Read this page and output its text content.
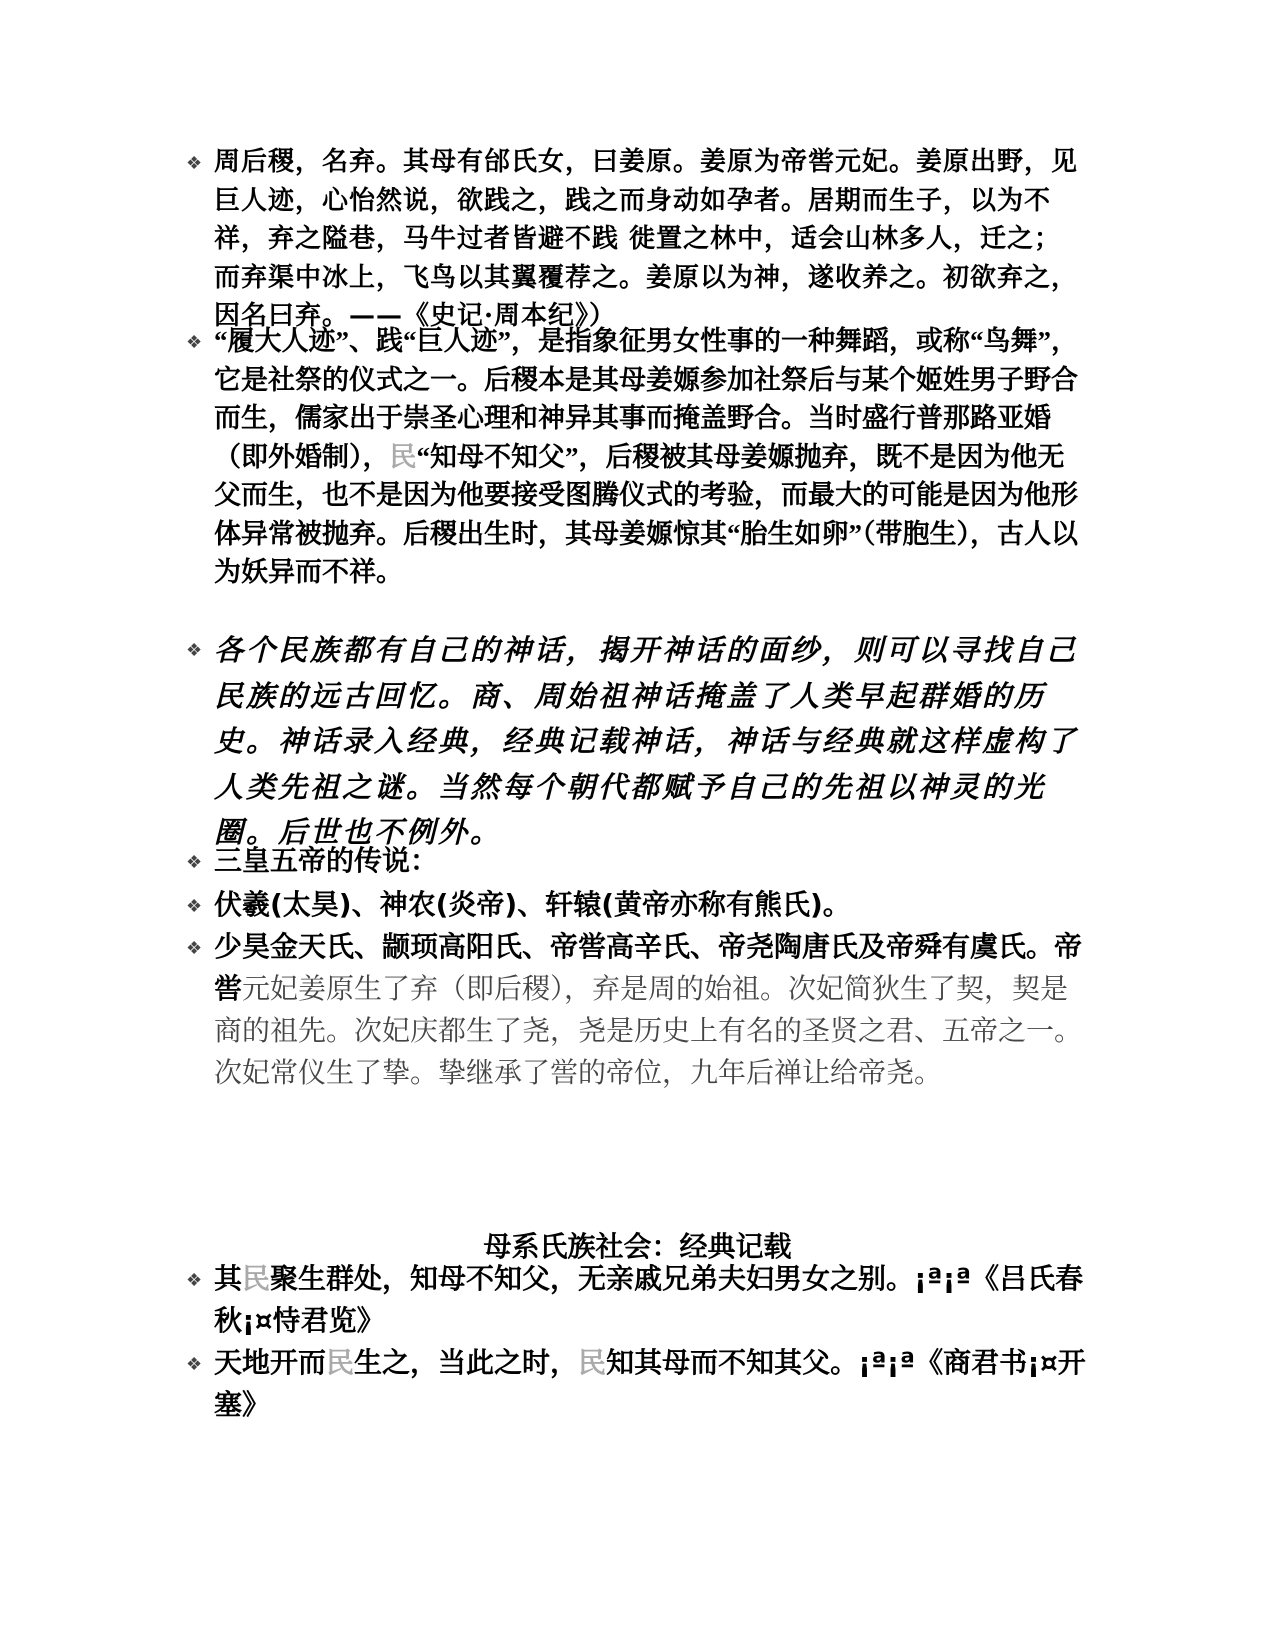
❖ 周后稷，名弃。其母有邰氏女，曰姜原。姜原为帝喾元妃。姜原出野，见巨人迹，心怡然说，欲践之，践之而身动如孕者。居期而生子，以为不祥，弃之隘巷，马牛过者皆避不践 徙置之林中，适会山林多人，迁之；而弃渠中冰上，飞鸟以其翼覆荐之。姜原以为神，遂收养之。初欲弃之，因名曰弃。——《史记·周本纪》）
❖ “履大人迹”、践“巨人迹”，是指象征男女性事的一种舞蹈，或称“鸟舞”，它是社祭的仪式之一。后稷本是其母姜嫄参加社祭后与某个姬姓男子野合而生，儒家出于崇圣心理和神异其事而掩盖野合。当时盛行普那路亚婚（即外婚制），民“知母不知父”，后稷被其母姜嫄抛弃，既不是因为他无父而生，也不是因为他要接受图腾仪式的考验，而最大的可能是因为他形体异常被抛弃。后稷出生时，其母姜嫄惊其“胎生如卵”（带胞生），古人以为妖异而不祥。
❖ 各个民族都有自己的神话，揭开神话的面纱，则可以寻找自己民族的远古回忆。商、周始祖神话掩盖了人类早起群婚的历史。神话录入经典，经典记载神话，神话与经典就这样虚构了人类先祖之谜。当然每个朝代都赋予自己的先祖以神灵的光圈。后世也不例外。
❖ 三皇五帝的传说：
❖ 伏羲(太昊)、神农(炎帝)、轩辕(黄帝亦称有熊氏)。
❖ 少昊金天氏、颛顼高阳氏、帝喾高辛氏、帝尧陶唐氏及帝舜有虞氏。帝喾元妃姜原生了弃（即后稷），弃是周的始祖。次妃简狄生了契，契是商的祖先。次妃庆都生了尧，尧是历史上有名的圣贤之君、五帝之一。次妃常仪生了挚。挚继承了喾的帝位，九年后禅让给帝尧。
母系氏族社会：经典记载
❖ 其民聚生群处，知母不知父，无亲戚兄弟夫妇男女之别。¡ª¡ª《吕氏春秋¡¤恃君览》
❖ 天地开而民生之，当此之时，民知其母而不知其父。¡ª¡ª《商君书¡¤开塞》
